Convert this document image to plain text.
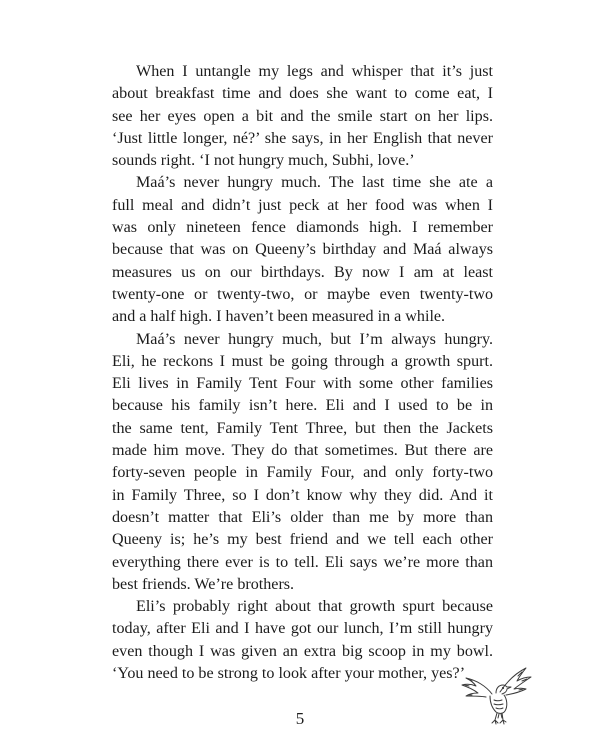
When I untangle my legs and whisper that it’s just
about breakfast time and does she want to come eat, I
see her eyes open a bit and the smile start on her lips.
‘Just little longer, né?’ she says, in her English that never
sounds right. ‘I not hungry much, Subhi, love.’

Maá’s never hungry much. The last time she ate a
full meal and didn’t just peck at her food was when I
was only nineteen fence diamonds high. I remember
because that was on Queeny’s birthday and Maá always
measures us on our birthdays. By now I am at least
twenty-one or twenty-two, or maybe even twenty-two
and a half high. I haven’t been measured in a while.

Maá’s never hungry much, but I’m always hungry.
Eli, he reckons I must be going through a growth spurt.
Eli lives in Family Tent Four with some other families
because his family isn’t here. Eli and I used to be in
the same tent, Family Tent Three, but then the Jackets
made him move. They do that sometimes. But there are
forty-seven people in Family Four, and only forty-two
in Family Three, so I don’t know why they did. And it
doesn’t matter that Eli’s older than me by more than
Queeny is; he’s my best friend and we tell each other
everything there ever is to tell. Eli says we’re more than
best friends. We’re brothers.

Eli’s probably right about that growth spurt because
today, after Eli and I have got our lunch, I’m still hungry
even though I was given an extra big scoop in my bowl.
‘You need to be strong to look after your mother, yes?’

5
